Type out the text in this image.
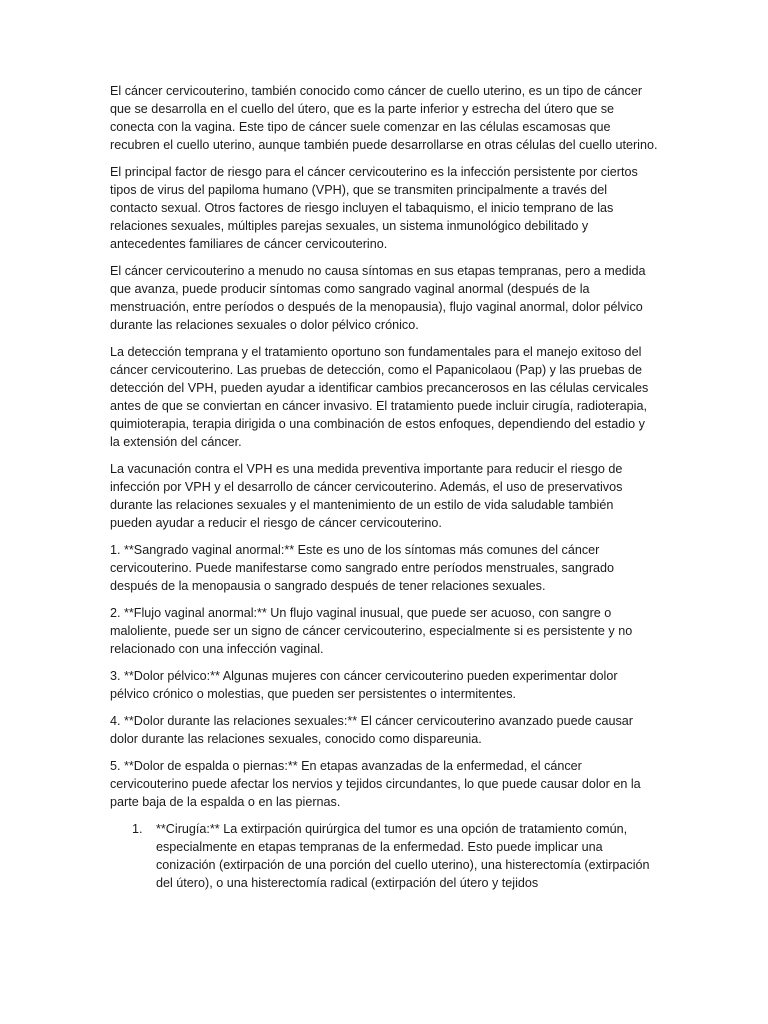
El cáncer cervicouterino, también conocido como cáncer de cuello uterino, es un tipo de cáncer que se desarrolla en el cuello del útero, que es la parte inferior y estrecha del útero que se conecta con la vagina. Este tipo de cáncer suele comenzar en las células escamosas que recubren el cuello uterino, aunque también puede desarrollarse en otras células del cuello uterino.

El principal factor de riesgo para el cáncer cervicouterino es la infección persistente por ciertos tipos de virus del papiloma humano (VPH), que se transmiten principalmente a través del contacto sexual. Otros factores de riesgo incluyen el tabaquismo, el inicio temprano de las relaciones sexuales, múltiples parejas sexuales, un sistema inmunológico debilitado y antecedentes familiares de cáncer cervicouterino.

El cáncer cervicouterino a menudo no causa síntomas en sus etapas tempranas, pero a medida que avanza, puede producir síntomas como sangrado vaginal anormal (después de la menstruación, entre períodos o después de la menopausia), flujo vaginal anormal, dolor pélvico durante las relaciones sexuales o dolor pélvico crónico.

La detección temprana y el tratamiento oportuno son fundamentales para el manejo exitoso del cáncer cervicouterino. Las pruebas de detección, como el Papanicolaou (Pap) y las pruebas de detección del VPH, pueden ayudar a identificar cambios precancerosos en las células cervicales antes de que se conviertan en cáncer invasivo. El tratamiento puede incluir cirugía, radioterapia, quimioterapia, terapia dirigida o una combinación de estos enfoques, dependiendo del estadio y la extensión del cáncer.

La vacunación contra el VPH es una medida preventiva importante para reducir el riesgo de infección por VPH y el desarrollo de cáncer cervicouterino. Además, el uso de preservativos durante las relaciones sexuales y el mantenimiento de un estilo de vida saludable también pueden ayudar a reducir el riesgo de cáncer cervicouterino.

1. **Sangrado vaginal anormal:** Este es uno de los síntomas más comunes del cáncer cervicouterino. Puede manifestarse como sangrado entre períodos menstruales, sangrado después de la menopausia o sangrado después de tener relaciones sexuales.
2. **Flujo vaginal anormal:** Un flujo vaginal inusual, que puede ser acuoso, con sangre o maloliente, puede ser un signo de cáncer cervicouterino, especialmente si es persistente y no relacionado con una infección vaginal.
3. **Dolor pélvico:** Algunas mujeres con cáncer cervicouterino pueden experimentar dolor pélvico crónico o molestias, que pueden ser persistentes o intermitentes.
4. **Dolor durante las relaciones sexuales:** El cáncer cervicouterino avanzado puede causar dolor durante las relaciones sexuales, conocido como dispareunia.
5. **Dolor de espalda o piernas:** En etapas avanzadas de la enfermedad, el cáncer cervicouterino puede afectar los nervios y tejidos circundantes, lo que puede causar dolor en la parte baja de la espalda o en las piernas.
1.	**Cirugía:** La extirpación quirúrgica del tumor es una opción de tratamiento común, especialmente en etapas tempranas de la enfermedad. Esto puede implicar una conización (extirpación de una porción del cuello uterino), una histerectomía (extirpación del útero), o una histerectomía radical (extirpación del útero y tejidos
